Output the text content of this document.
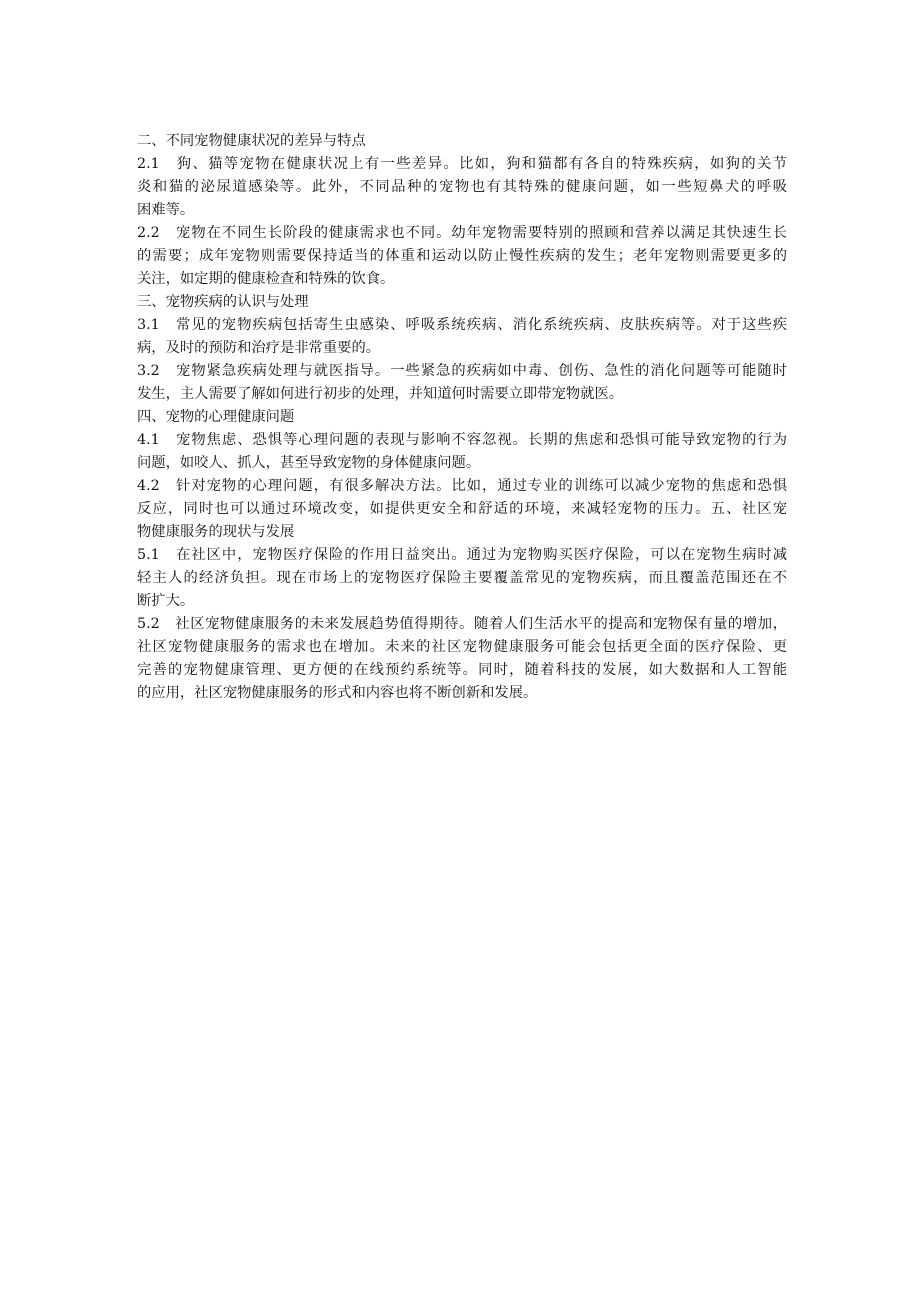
二、不同宠物健康状况的差异与特点

2.1　狗、猫等宠物在健康状况上有一些差异。比如，狗和猫都有各自的特殊疾病，如狗的关节

炎和猫的泌尿道感染等。此外，不同品种的宠物也有其特殊的健康问题，如一些短鼻犬的呼吸

困难等。

2.2　宠物在不同生长阶段的健康需求也不同。幼年宠物需要特别的照顾和营养以满足其快速生长

的需要；成年宠物则需要保持适当的体重和运动以防止慢性疾病的发生；老年宠物则需要更多的

关注，如定期的健康检查和特殊的饮食。

三、宠物疾病的认识与处理

3.1　常见的宠物疾病包括寄生虫感染、呼吸系统疾病、消化系统疾病、皮肤疾病等。对于这些疾

病，及时的预防和治疗是非常重要的。

3.2　宠物紧急疾病处理与就医指导。一些紧急的疾病如中毒、创伤、急性的消化问题等可能随时

发生，主人需要了解如何进行初步的处理，并知道何时需要立即带宠物就医。

四、宠物的心理健康问题

4.1　宠物焦虑、恐惧等心理问题的表现与影响不容忽视。长期的焦虑和恐惧可能导致宠物的行为

问题，如咬人、抓人，甚至导致宠物的身体健康问题。

4.2　针对宠物的心理问题，有很多解决方法。比如，通过专业的训练可以减少宠物的焦虑和恐惧

反应，同时也可以通过环境改变，如提供更安全和舒适的环境，来减轻宠物的压力。五、社区宠

物健康服务的现状与发展

5.1　在社区中，宠物医疗保险的作用日益突出。通过为宠物购买医疗保险，可以在宠物生病时减

轻主人的经济负担。现在市场上的宠物医疗保险主要覆盖常见的宠物疾病，而且覆盖范围还在不

断扩大。

5.2　社区宠物健康服务的未来发展趋势值得期待。随着人们生活水平的提高和宠物保有量的增加，

社区宠物健康服务的需求也在增加。未来的社区宠物健康服务可能会包括更全面的医疗保险、更

完善的宠物健康管理、更方便的在线预约系统等。同时，随着科技的发展，如大数据和人工智能

的应用，社区宠物健康服务的形式和内容也将不断创新和发展。
